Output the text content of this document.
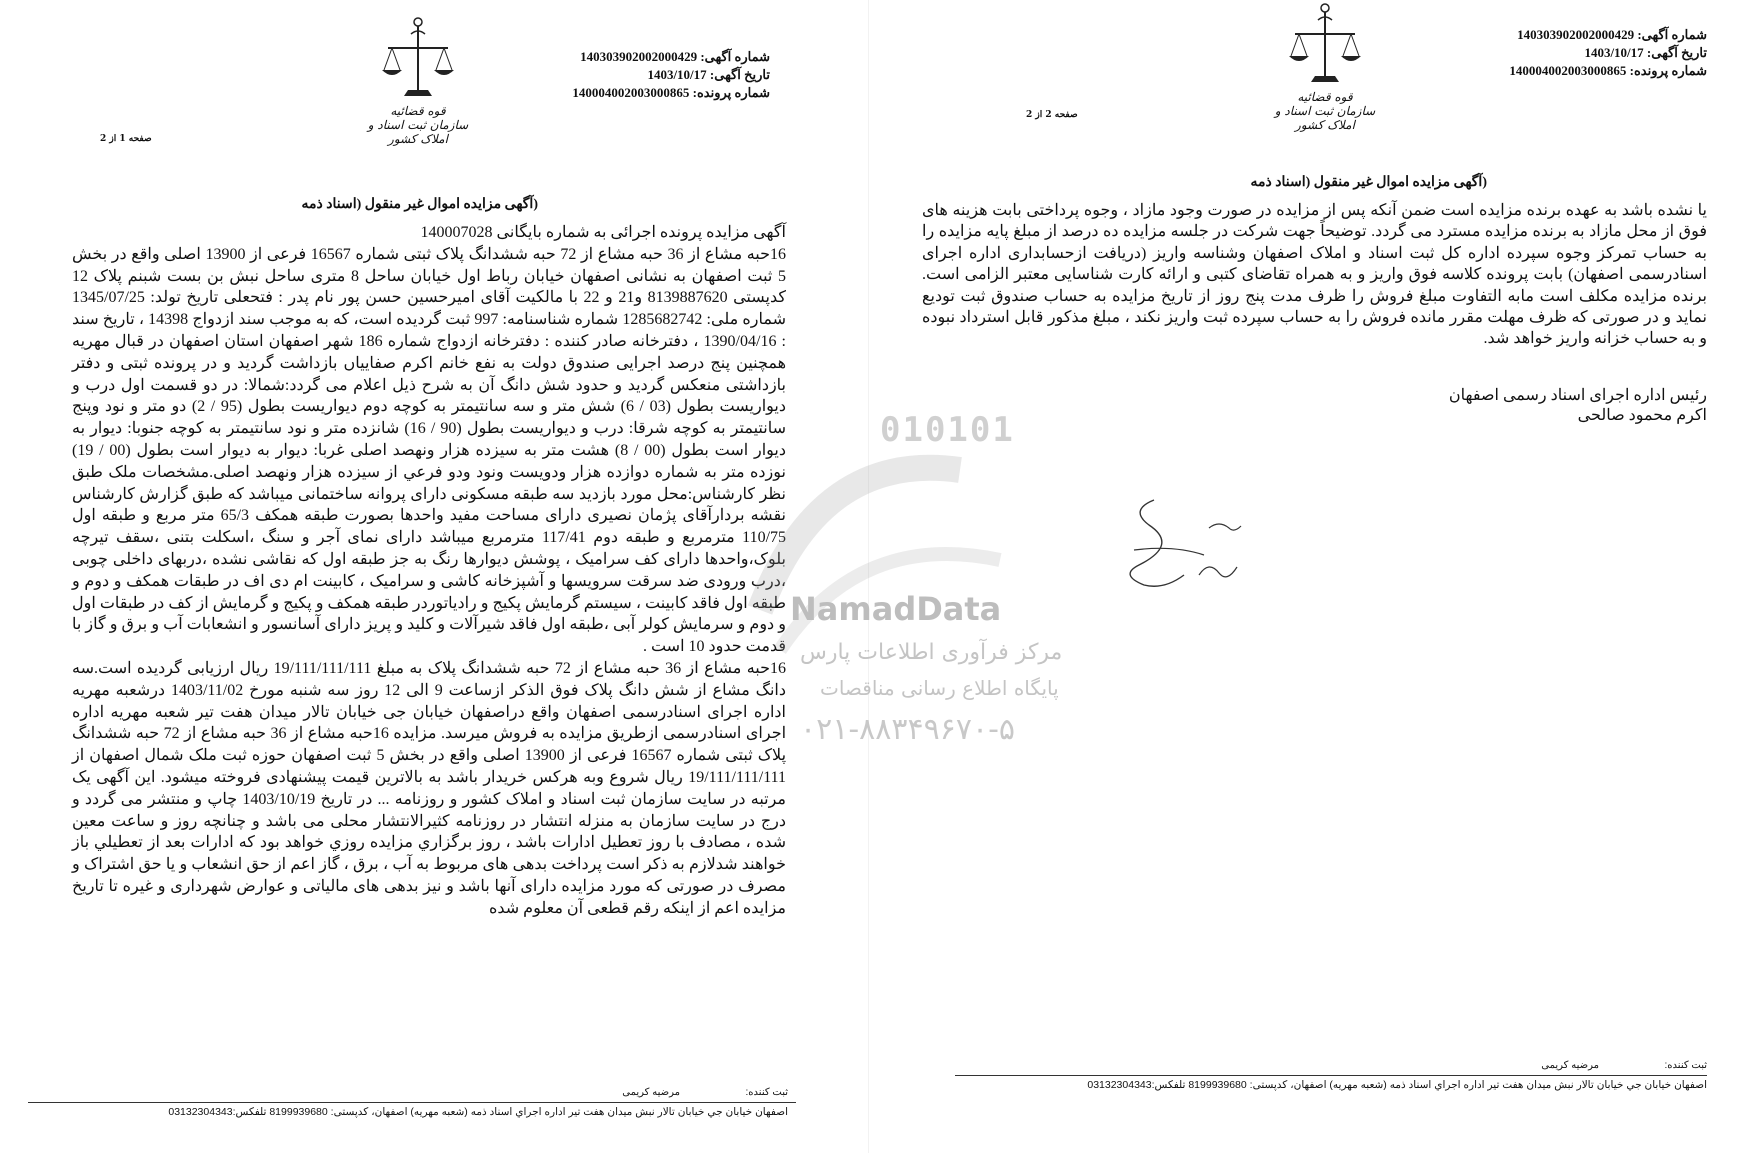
شماره آگهی: 140303902002000429
تاریخ آگهی: 1403/10/17
شماره پرونده: 140004002003000865
قوه قضائیه
سازمان ثبت اسناد و املاک کشور
صفحه 1 از 2
(آگهی مزایده اموال غیر منقول (اسناد ذمه

آگهی مزایده پرونده اجرائی به شماره بایگانی 140007028

16حبه مشاع از 36 حبه مشاع از 72 حبه ششدانگ پلاک ثبتی شماره 16567 فرعی از 13900 اصلی واقع در بخش 5 ثبت اصفهان به نشانی اصفهان خیابان رباط اول خیابان ساحل 8 متری ساحل نبش بن بست شبنم پلاک 12 کدپستی 8139887620 و21 و 22 با مالکیت آقای امیرحسین حسن پور نام پدر : فتحعلی تاریخ تولد: 1345/07/25 شماره ملی: 1285682742 شماره شناسنامه: 997 ثبت گردیده است، که به موجب سند ازدواج 14398 ، تاریخ سند : 1390/04/16 ، دفترخانه صادر کننده : دفترخانه ازدواج شماره 186 شهر اصفهان استان اصفهان در قبال مهریه همچنین پنج درصد اجرایی صندوق دولت به نفع خانم اکرم صفاییاں بازداشت گردید و در پرونده ثبتی و دفتر بازداشتی منعکس گردید و حدود شش دانگ آن به شرح ذیل اعلام می گردد:شمالا: در دو قسمت اول درب و دیواریست بطول (03 / 6) شش متر و سه سانتیمتر به کوچه دوم دیواریست بطول (95 / 2) دو متر و نود وپنج سانتیمتر به کوچه شرقا: درب و دیواریست بطول (90 / 16) شانزده متر و نود سانتیمتر به کوچه جنوبا: دیوار به دیوار است بطول (00 / 8) هشت متر به سیزده هزار ونهصد اصلی غربا: دیوار به دیوار است بطول (00 / 19) نوزده متر به شماره دوازده هزار ودویست ونود ودو فرعي از سیزده هزار ونهصد اصلی.مشخصات ملک طبق نظر کارشناس:محل مورد بازدید سه طبقه مسکونی دارای پروانه ساختمانی میباشد که طبق گزارش کارشناس نقشه بردارآقای پژمان نصیری دارای مساحت مفید واحدها بصورت طبقه همکف 65/3 متر مربع و طبقه اول 110/75 مترمربع و طبقه دوم 117/41 مترمربع میباشد دارای نمای آجر و سنگ ،اسکلت بتنی ،سقف تیرچه بلوک،واحدها دارای کف سرامیک ، پوشش دیوارها رنگ به جز طبقه اول که نقاشی نشده ،دربهای داخلی چوبی ،درب ورودی ضد سرقت سرویسها و آشپزخانه کاشی و سرامیک ، کابینت ام دی اف در طبقات همکف و دوم و طبقه اول فاقد کابینت ، سیستم گرمایش پکیج و رادیاتوردر طبقه همکف و پکیج و گرمایش از کف در طبقات اول و دوم و سرمایش کولر آبی ،طبقه اول فاقد شیرآلات و کلید و پریز دارای آسانسور و انشعابات آب و برق و گاز با قدمت حدود 10 است .

16حبه مشاع از 36 حبه مشاع از 72 حبه ششدانگ پلاک به مبلغ 19/111/111/111 ریال ارزیابی گردیده است.سه دانگ مشاع از شش دانگ پلاک فوق الذکر ازساعت 9 الی 12 روز سه شنبه مورخ 1403/11/02 درشعبه مهریه اداره اجرای اسنادرسمی اصفهان واقع دراصفهان خیابان جی خیابان تالار میدان هفت تیر شعبه مهریه اداره اجرای اسنادرسمی ازطریق مزایده به فروش میرسد. مزایده 16حبه مشاع از 36 حبه مشاع از 72 حبه ششدانگ پلاک ثبتی شماره 16567 فرعی از 13900 اصلی واقع در بخش 5 ثبت اصفهان حوزه ثبت ملک شمال اصفهان از 19/111/111/111 ریال شروع وبه هرکس خریدار باشد به بالاترین قیمت پیشنهادی فروخته میشود. این آگهی یک مرتبه در سایت سازمان ثبت اسناد و املاک کشور و روزنامه ... در تاریخ 1403/10/19 چاپ و منتشر می گردد و درج در سایت سازمان به منزله انتشار در روزنامه کثیرالانتشار محلی می باشد و چنانچه روز و ساعت معین شده ، مصادف با روز تعطیل ادارات باشد ، روز برگزاري مزايده روزي خواهد بود که ادارات بعد از تعطيلي باز خواهند شدلازم به ذکر است پرداخت بدهی های مربوط به آب ، برق ، گاز اعم از حق انشعاب و یا حق اشتراک و مصرف در صورتی که مورد مزایده دارای آنها باشد و نیز بدهی های مالیاتی و عوارض شهرداری و غیره تا تاریخ مزایده اعم از اینکه رقم قطعی آن معلوم شده

ثبت کننده:  مرضیه کریمی
اصفهان خيابان جي خيابان تالار نبش ميدان هفت تير اداره اجراي اسناد ذمه (شعبه مهريه) اصفهان، کدپستی: 8199939680 تلفکس:03132304343
شماره آگهی: 140303902002000429
تاریخ آگهی: 1403/10/17
شماره پرونده: 140004002003000865
قوه قضائیه
سازمان ثبت اسناد و املاک کشور
صفحه 2 از 2
(آگهی مزایده اموال غیر منقول (اسناد ذمه

یا نشده باشد به عهده برنده مزایده است ضمن آنکه پس از مزایده در صورت وجود مازاد ، وجوه پرداختی بابت هزینه های فوق از محل مازاد به برنده مزایده مسترد می گردد. توضیحاً جهت شرکت در جلسه مزایده ده درصد از مبلغ پایه مزایده را به حساب تمرکز وجوه سپرده اداره کل ثبت اسناد و املاک اصفهان وشناسه واریز (دریافت ازحسابداری اداره اجرای اسنادرسمی اصفهان) بابت پرونده کلاسه فوق واریز و به همراه تقاضای کتبی و ارائه کارت شناسایی معتبر الزامی است. برنده مزایده مکلف است مابه التفاوت مبلغ فروش را ظرف مدت پنج روز از تاریخ مزایده به حساب صندوق ثبت توديع نمايد و در صورتی كه ظرف مهلت مقرر مانده فروش را به حساب سپرده ثبت واریز نکند ، مبلغ مذکور قابل استرداد نبوده و به حساب خزانه واریز خواهد شد.

رئیس اداره اجرای اسناد رسمی اصفهان
اکرم محمود صالحی
ثبت کننده:  مرضیه کریمی
اصفهان خيابان جي خيابان تالار نبش ميدان هفت تير اداره اجراي اسناد ذمه (شعبه مهريه) اصفهان، کدپستی: 8199939680 تلفکس:03132304343
010101
NamadData
مرکز فرآوری اطلاعات پارس
پایگاه اطلاع رسانی مناقصات
۰۲۱-۸۸۳۴۹۶۷۰-۵
